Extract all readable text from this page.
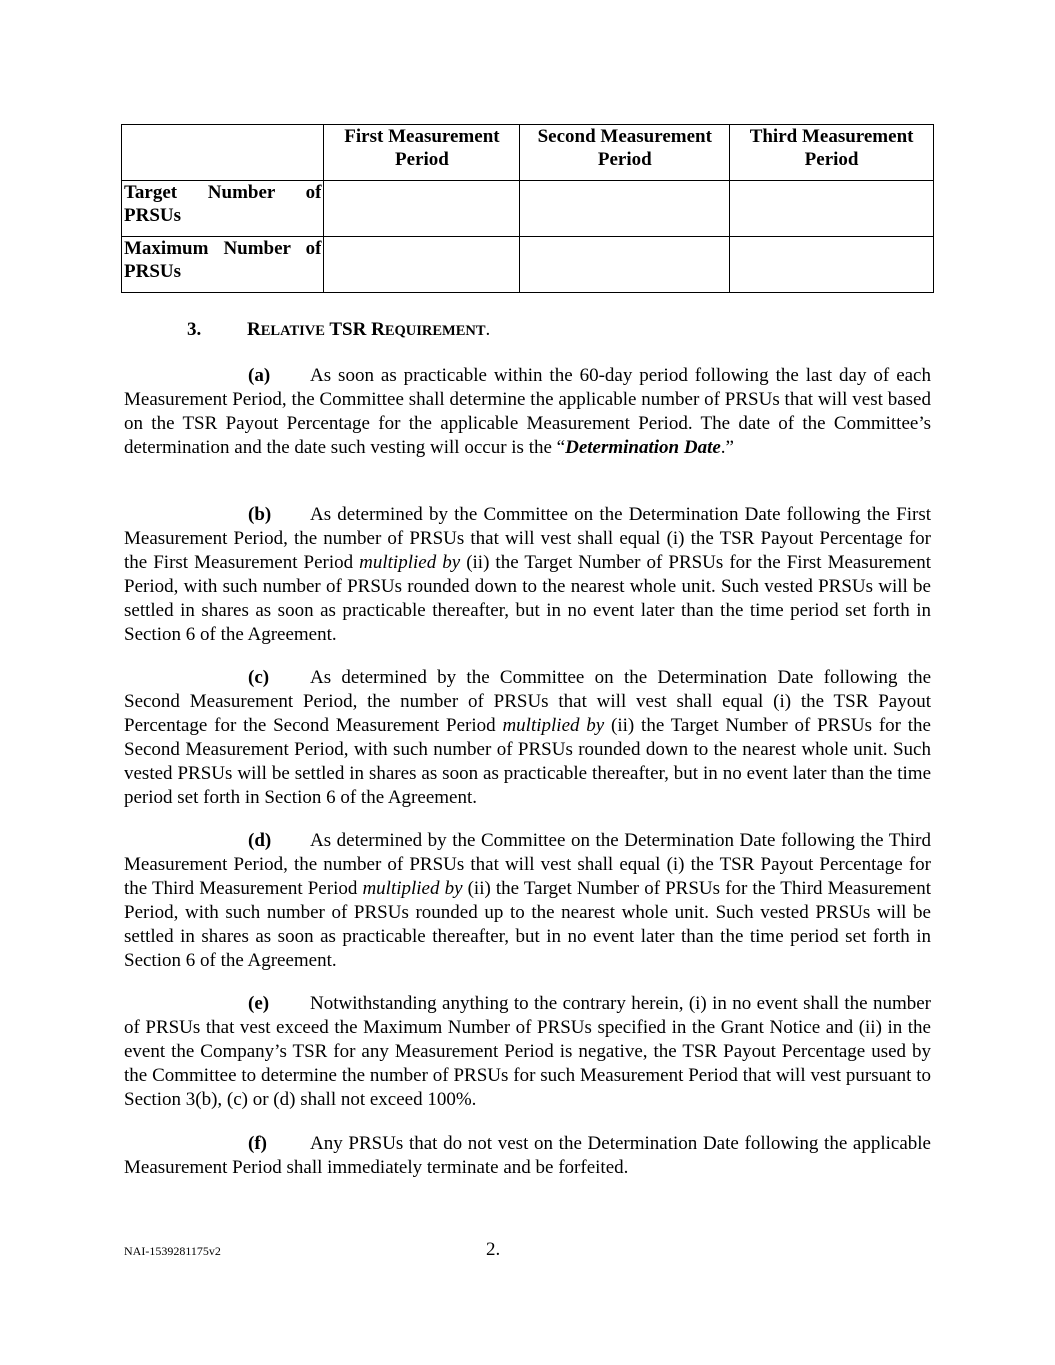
	First Measurement Period	Second Measurement Period	Third Measurement Period
Target Number of PRSUs			
Maximum Number of PRSUs			
3. RELATIVE TSR REQUIREMENT.
(a) As soon as practicable within the 60-day period following the last day of each Measurement Period, the Committee shall determine the applicable number of PRSUs that will vest based on the TSR Payout Percentage for the applicable Measurement Period. The date of the Committee’s determination and the date such vesting will occur is the “Determination Date.”
(b) As determined by the Committee on the Determination Date following the First Measurement Period, the number of PRSUs that will vest shall equal (i) the TSR Payout Percentage for the First Measurement Period multiplied by (ii) the Target Number of PRSUs for the First Measurement Period, with such number of PRSUs rounded down to the nearest whole unit. Such vested PRSUs will be settled in shares as soon as practicable thereafter, but in no event later than the time period set forth in Section 6 of the Agreement.
(c) As determined by the Committee on the Determination Date following the Second Measurement Period, the number of PRSUs that will vest shall equal (i) the TSR Payout Percentage for the Second Measurement Period multiplied by (ii) the Target Number of PRSUs for the Second Measurement Period, with such number of PRSUs rounded down to the nearest whole unit. Such vested PRSUs will be settled in shares as soon as practicable thereafter, but in no event later than the time period set forth in Section 6 of the Agreement.
(d) As determined by the Committee on the Determination Date following the Third Measurement Period, the number of PRSUs that will vest shall equal (i) the TSR Payout Percentage for the Third Measurement Period multiplied by (ii) the Target Number of PRSUs for the Third Measurement Period, with such number of PRSUs rounded up to the nearest whole unit. Such vested PRSUs will be settled in shares as soon as practicable thereafter, but in no event later than the time period set forth in Section 6 of the Agreement.
(e) Notwithstanding anything to the contrary herein, (i) in no event shall the number of PRSUs that vest exceed the Maximum Number of PRSUs specified in the Grant Notice and (ii) in the event the Company’s TSR for any Measurement Period is negative, the TSR Payout Percentage used by the Committee to determine the number of PRSUs for such Measurement Period that will vest pursuant to Section 3(b), (c) or (d) shall not exceed 100%.
(f) Any PRSUs that do not vest on the Determination Date following the applicable Measurement Period shall immediately terminate and be forfeited.
NAI-1539281175v2	2.
